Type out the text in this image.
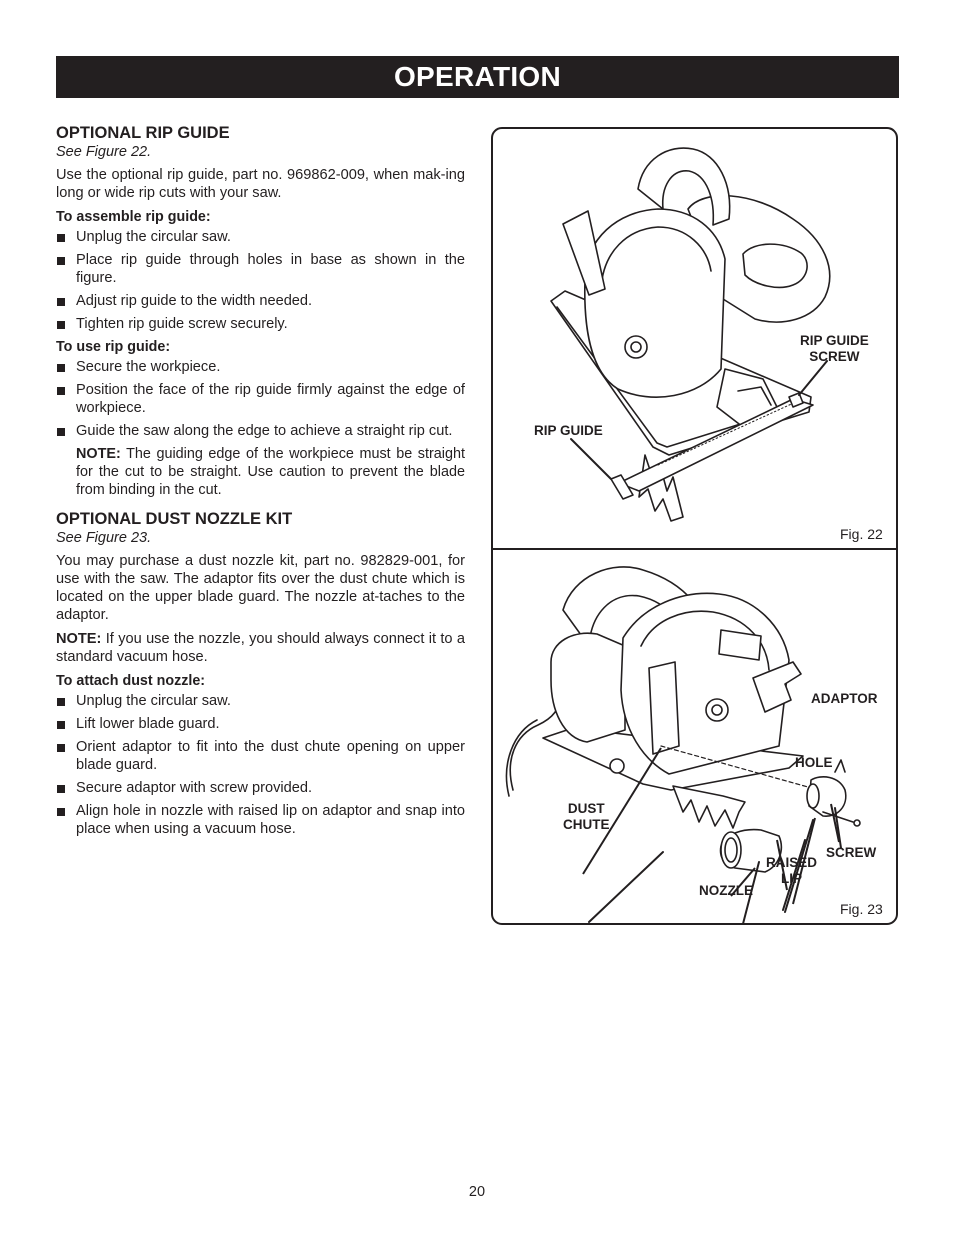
OPERATION
OPTIONAL RIP GUIDE
See Figure 22.
Use the optional rip guide, part no. 969862-009, when mak-ing long or wide rip cuts with your saw.
To assemble rip guide:
Unplug the circular saw.
Place rip guide through holes in base as shown in the figure.
Adjust rip guide to the width needed.
Tighten rip guide screw securely.
To use rip guide:
Secure the workpiece.
Position the face of the rip guide firmly against the edge of workpiece.
Guide the saw along the edge to achieve a straight rip cut.
NOTE: The guiding edge of the workpiece must be straight for the cut to be straight. Use caution to prevent the blade from binding in the cut.
OPTIONAL DUST NOZZLE KIT
See Figure 23.
You may purchase a dust nozzle kit, part no. 982829-001, for use with the saw. The adaptor fits over the dust chute which is located on the upper blade guard. The nozzle at-taches to the adaptor.
NOTE: If you use the nozzle, you should always connect it to a standard vacuum hose.
To attach dust nozzle:
Unplug the circular saw.
Lift lower blade guard.
Orient adaptor to fit into the dust chute opening on upper blade guard.
Secure adaptor with screw provided.
Align hole in nozzle with raised lip on adaptor and snap into place when using a vacuum hose.
RIP GUIDE
SCREW
RIP GUIDE
Fig. 22
ADAPTOR
HOLE
DUST
CHUTE
SCREW
RAISED
LIP
NOZZLE
Fig. 23
20
